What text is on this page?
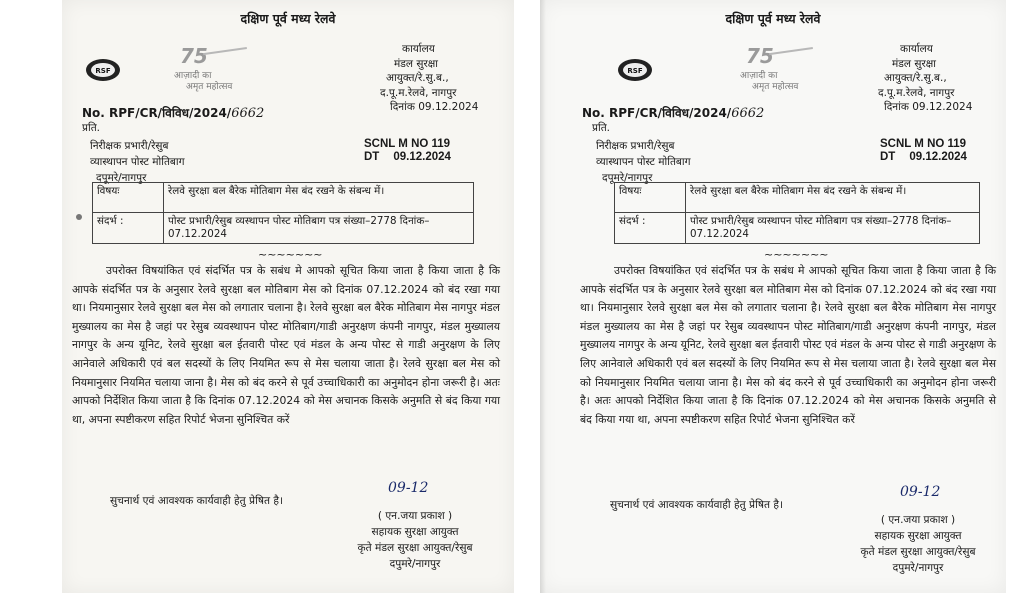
दक्षिण पूर्व मध्य रेलवे
RSF
75
आज़ादी का
अमृत महोत्सव
कार्यालय
मंडल सुरक्षा
आयुक्त/रे.सु.ब.,
द.पू.म.रेलवे, नागपुर
दिनांक 09.12.2024
No. RPF/CR/विविध/2024/6662
प्रति.
निरीक्षक प्रभारी/रेसुब
व्यास्थापन पोस्ट मोतिबाग
दपूमरे/नागपुर
SCNL M NO 119
DT 09.12.2024
विषयः	रेलवे सुरक्षा बल बैरेक मोतिबाग मेस बंद रखने के संबन्ध में।
संदर्भ :	पोस्ट प्रभारी/रेसुब व्यस्थापन पोस्ट मोतिबाग पत्र संख्या–2778 दिनांक–07.12.2024
~~~~~~~

उपरोक्त विषयांकित एवं संदर्भित पत्र के सबंध मे आपको सूचित किया जाता है किया जाता है कि आपके संदर्भित पत्र के अनुसार रेलवे सुरक्षा बल मोतिबाग मेस को दिनांक 07.12.2024 को बंद रखा गया था। नियमानुसार रेलवे सुरक्षा बल मेस को लगातार चलाना है। रेलवे सुरक्षा बल बैरेक मोतिबाग मेस नागपुर मंडल मुख्यालय का मेस है जहां पर रेसुब व्यवस्थापन पोस्ट मोतिबाग/गाडी अनुरक्षण कंपनी नागपुर, मंडल मुख्यालय नागपुर के अन्य यूनिट, रेलवे सुरक्षा बल ईतवारी पोस्ट एवं मंडल के अन्य पोस्ट से गाडी अनुरक्षण के लिए आनेवाले अधिकारी एवं बल सदस्यों के लिए नियमित रूप से मेस चलाया जाता है। रेलवे सुरक्षा बल मेस को नियमानुसार नियमित चलाया जाना है। मेस को बंद करने से पूर्व उच्चाधिकारी का अनुमोदन होना जरूरी है। अतः आपको निर्देशित किया जाता है कि दिनांक 07.12.2024 को मेस अचानक किसके अनुमति से बंद किया गया था, अपना स्पष्टीकरण सहित रिपोर्ट भेजना सुनिश्चित करें

सुचनार्थ एवं आवश्यक कार्यवाही हेतु प्रेषित है।
09-12
( एन.जया प्रकाश )
सहायक सुरक्षा आयुक्त
कृते मंडल सुरक्षा आयुक्त/रेसुब
दपुमरे/नागपुर
दक्षिण पूर्व मध्य रेलवे
RSF
75
आज़ादी का
अमृत महोत्सव
कार्यालय
मंडल सुरक्षा
आयुक्त/रे.सु.ब.,
द.पू.म.रेलवे, नागपुर
दिनांक 09.12.2024
No. RPF/CR/विविध/2024/6662
प्रति.
निरीक्षक प्रभारी/रेसुब
व्यास्थापन पोस्ट मोतिबाग
दपूमरे/नागपुर
SCNL M NO 119
DT 09.12.2024
विषयः	रेलवे सुरक्षा बल बैरेक मोतिबाग मेस बंद रखने के संबन्ध में।
संदर्भ :	पोस्ट प्रभारी/रेसुब व्यस्थापन पोस्ट मोतिबाग पत्र संख्या–2778 दिनांक–07.12.2024
~~~~~~~

उपरोक्त विषयांकित एवं संदर्भित पत्र के सबंध मे आपको सूचित किया जाता है किया जाता है कि आपके संदर्भित पत्र के अनुसार रेलवे सुरक्षा बल मोतिबाग मेस को दिनांक 07.12.2024 को बंद रखा गया था। नियमानुसार रेलवे सुरक्षा बल मेस को लगातार चलाना है। रेलवे सुरक्षा बल बैरेक मोतिबाग मेस नागपुर मंडल मुख्यालय का मेस है जहां पर रेसुब व्यवस्थापन पोस्ट मोतिबाग/गाडी अनुरक्षण कंपनी नागपुर, मंडल मुख्यालय नागपुर के अन्य यूनिट, रेलवे सुरक्षा बल ईतवारी पोस्ट एवं मंडल के अन्य पोस्ट से गाडी अनुरक्षण के लिए आनेवाले अधिकारी एवं बल सदस्यों के लिए नियमित रूप से मेस चलाया जाता है। रेलवे सुरक्षा बल मेस को नियमानुसार नियमित चलाया जाना है। मेस को बंद करने से पूर्व उच्चाधिकारी का अनुमोदन होना जरूरी है। अतः आपको निर्देशित किया जाता है कि दिनांक 07.12.2024 को मेस अचानक किसके अनुमति से बंद किया गया था, अपना स्पष्टीकरण सहित रिपोर्ट भेजना सुनिश्चित करें

सुचनार्थ एवं आवश्यक कार्यवाही हेतु प्रेषित है।
09-12
( एन.जया प्रकाश )
सहायक सुरक्षा आयुक्त
कृते मंडल सुरक्षा आयुक्त/रेसुब
दपुमरे/नागपुर
